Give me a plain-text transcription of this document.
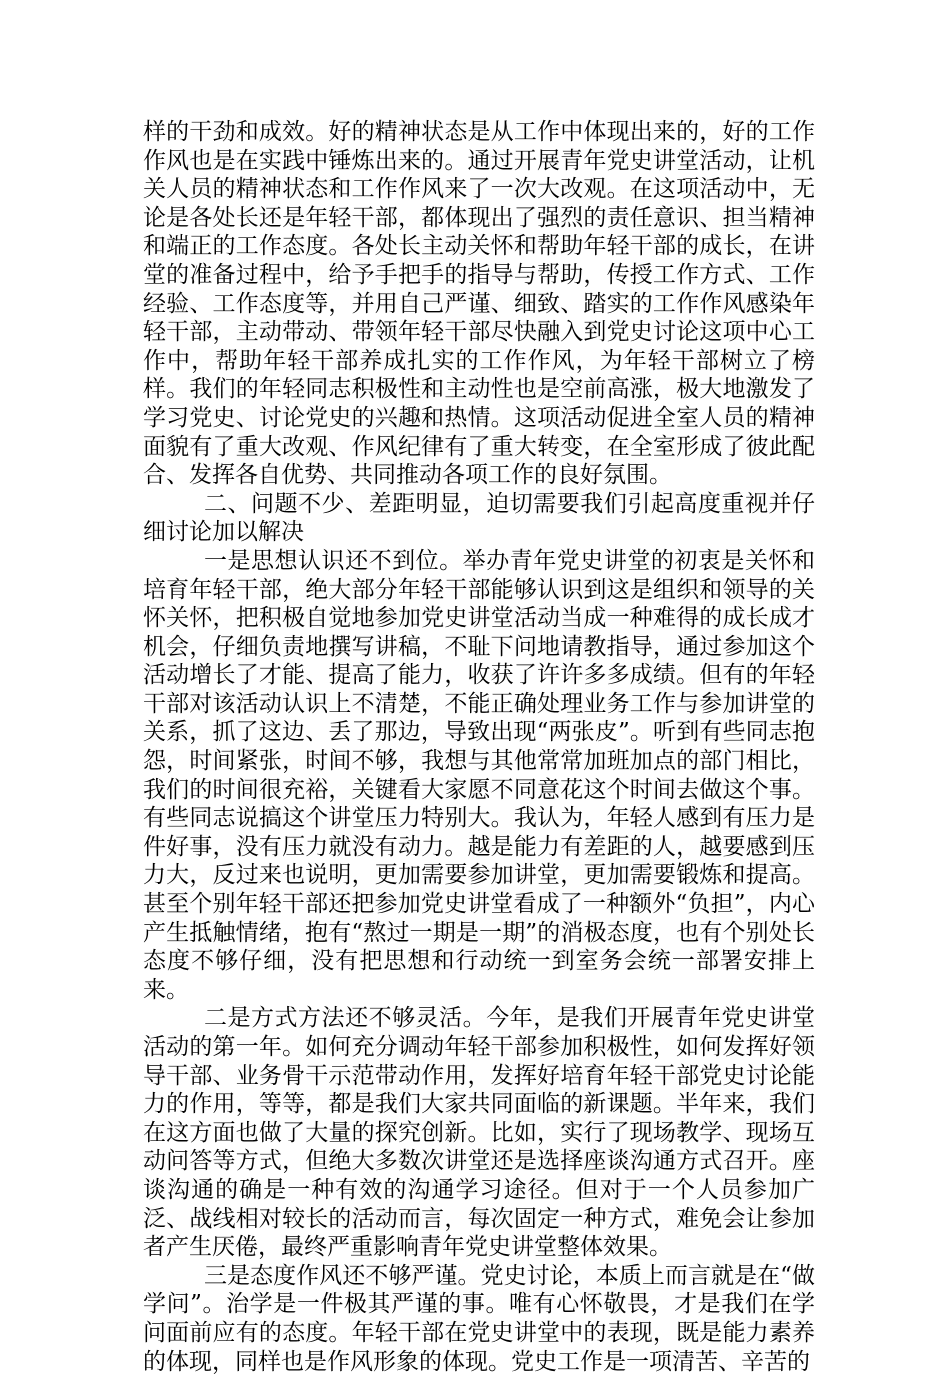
样的干劲和成效。好的精神状态是从工作中体现出来的，好的工作作风也是在实践中锤炼出来的。通过开展青年党史讲堂活动，让机关人员的精神状态和工作作风来了一次大改观。在这项活动中，无论是各处长还是年轻干部，都体现出了强烈的责任意识、担当精神和端正的工作态度。各处长主动关怀和帮助年轻干部的成长，在讲堂的准备过程中，给予手把手的指导与帮助，传授工作方式、工作经验、工作态度等，并用自己严谨、细致、踏实的工作作风感染年轻干部，主动带动、带领年轻干部尽快融入到党史讨论这项中心工作中，帮助年轻干部养成扎实的工作作风，为年轻干部树立了榜样。我们的年轻同志积极性和主动性也是空前高涨，极大地激发了学习党史、讨论党史的兴趣和热情。这项活动促进全室人员的精神面貌有了重大改观、作风纪律有了重大转变，在全室形成了彼此配合、发挥各自优势、共同推动各项工作的良好氛围。

二、问题不少、差距明显，迫切需要我们引起高度重视并仔细讨论加以解决

一是思想认识还不到位。举办青年党史讲堂的初衷是关怀和培育年轻干部，绝大部分年轻干部能够认识到这是组织和领导的关怀关怀，把积极自觉地参加党史讲堂活动当成一种难得的成长成才机会，仔细负责地撰写讲稿，不耻下问地请教指导，通过参加这个活动增长了才能、提高了能力，收获了许许多多成绩。但有的年轻干部对该活动认识上不清楚，不能正确处理业务工作与参加讲堂的关系，抓了这边、丢了那边，导致出现“两张皮”。听到有些同志抱怨，时间紧张，时间不够，我想与其他常常加班加点的部门相比，我们的时间很充裕，关键看大家愿不同意花这个时间去做这个事。有些同志说搞这个讲堂压力特别大。我认为，年轻人感到有压力是件好事，没有压力就没有动力。越是能力有差距的人，越要感到压力大，反过来也说明，更加需要参加讲堂，更加需要锻炼和提高。甚至个别年轻干部还把参加党史讲堂看成了一种额外“负担”，内心产生抵触情绪，抱有“熬过一期是一期”的消极态度，也有个别处长态度不够仔细，没有把思想和行动统一到室务会统一部署安排上来。

二是方式方法还不够灵活。今年，是我们开展青年党史讲堂活动的第一年。如何充分调动年轻干部参加积极性，如何发挥好领导干部、业务骨干示范带动作用，发挥好培育年轻干部党史讨论能力的作用，等等，都是我们大家共同面临的新课题。半年来，我们在这方面也做了大量的探究创新。比如，实行了现场教学、现场互动问答等方式，但绝大多数次讲堂还是选择座谈沟通方式召开。座谈沟通的确是一种有效的沟通学习途径。但对于一个人员参加广泛、战线相对较长的活动而言，每次固定一种方式，难免会让参加者产生厌倦，最终严重影响青年党史讲堂整体效果。

三是态度作风还不够严谨。党史讨论，本质上而言就是在“做学问”。治学是一件极其严谨的事。唯有心怀敬畏，才是我们在学问面前应有的态度。年轻干部在党史讲堂中的表现，既是能力素养的体现，同样也是作风形象的体现。党史工作是一项清苦、辛苦的
